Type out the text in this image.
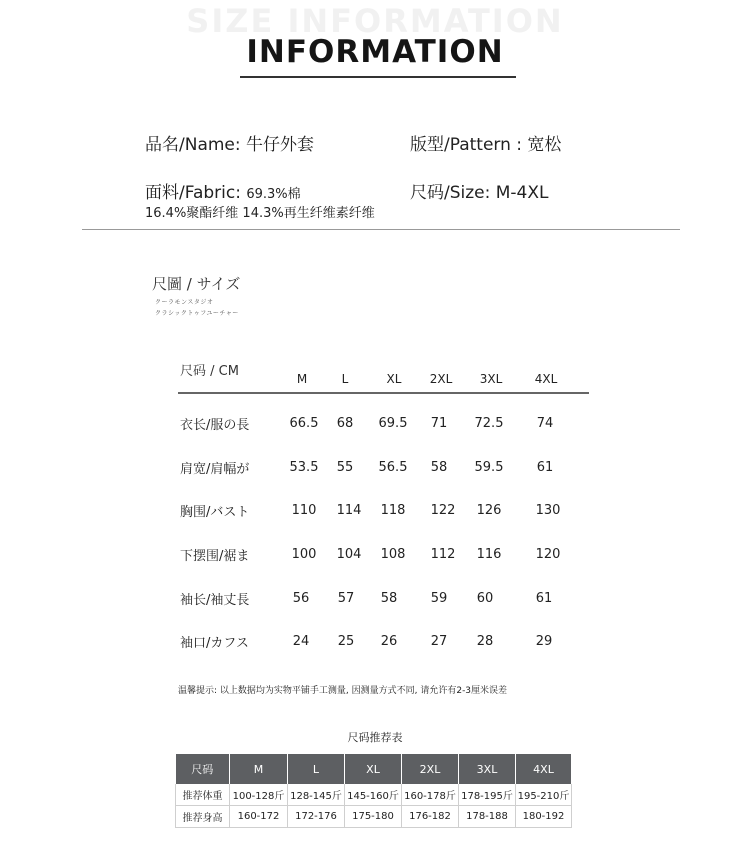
SIZE INFORMATION
INFORMATION
品名/Name: 牛仔外套	版型/Pattern : 宽松
面料/Fabric: 69.3%棉
16.4%聚酯纤维 14.3%再生纤维素纤维
尺码/Size: M-4XL
尺圖 / サイズ
クーラモンスタジオ
クラシックトゥフユーチャー
尺码 / CM	M	L	XL	2XL	3XL	4XL
衣长/服の長	66.5	68	69.5	71	72.5	74
肩宽/肩幅が	53.5	55	56.5	58	59.5	61
胸围/バスト	110	114	118	122	126	130
下摆围/裾ま	100	104	108	112	116	120
袖长/袖丈長	56	57	58	59	60	61
袖口/カフス	24	25	26	27	28	29
温馨提示: 以上数据均为实物平铺手工测量, 因测量方式不同, 请允许有2-3厘米误差
尺码推荐表
尺码	M	L	XL	2XL	3XL	4XL
推荐体重	100-128斤	128-145斤	145-160斤	160-178斤	178-195斤	195-210斤
推荐身高	160-172	172-176	175-180	176-182	178-188	180-192
